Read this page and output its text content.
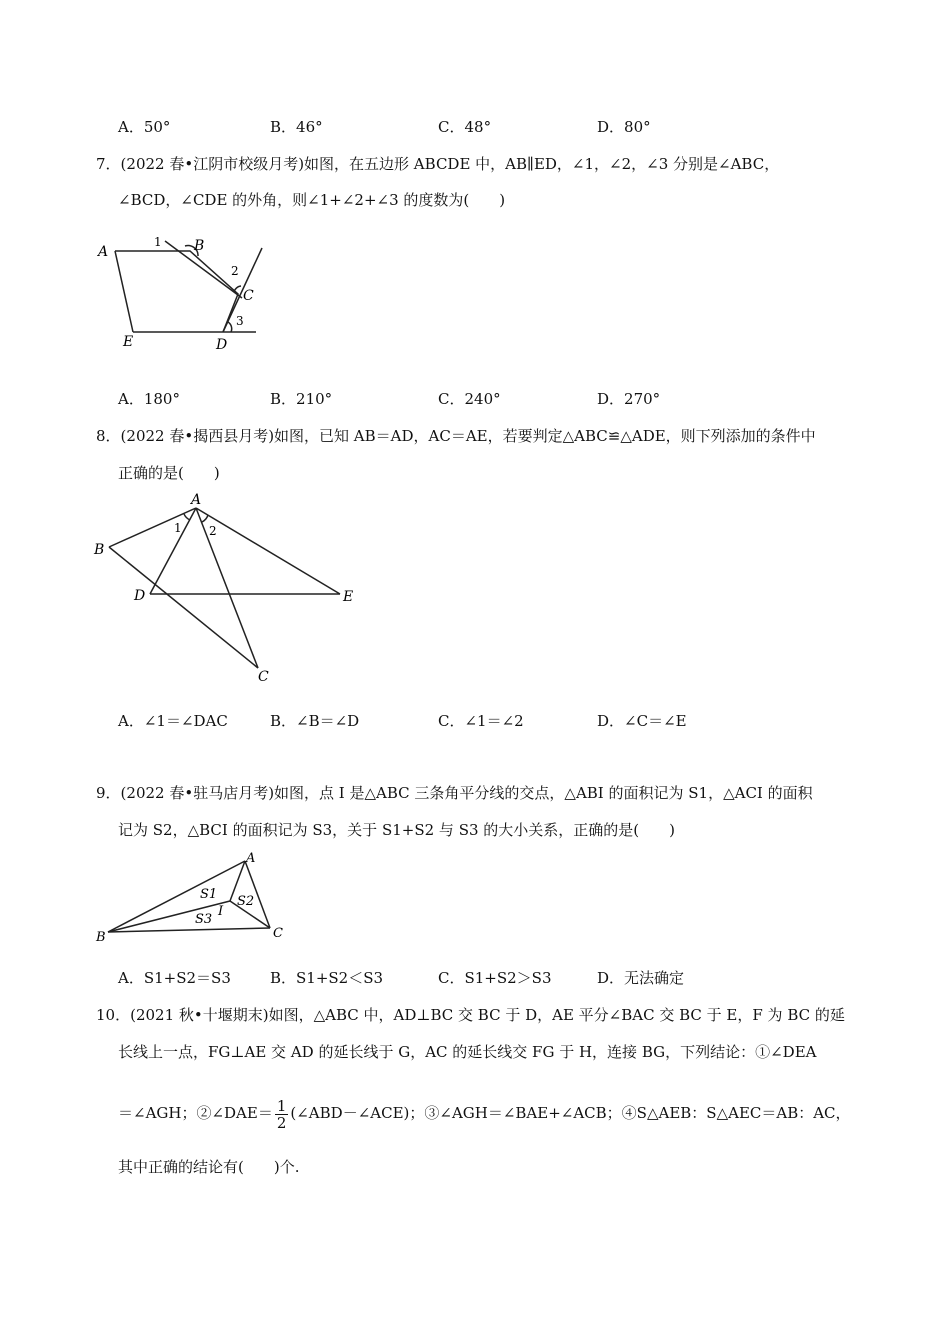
A．50°	B．46°	C．48°	D．80°
7．(2022 春•江阴市校级月考)如图，在五边形 ABCDE 中，AB∥ED，∠1，∠2，∠3 分别是∠ABC，
∠BCD，∠CDE 的外角，则∠1+∠2+∠3 的度数为(　　)
A	B
C
D
E
1
2
3
A．180°	B．210°	C．240°	D．270°
8．(2022 春•揭西县月考)如图，已知 AB＝AD，AC＝AE，若要判定△ABC≌△ADE，则下列添加的条件中
正确的是(　　)
A
B
C
D	E
1 2
A．∠1＝∠DAC	B．∠B＝∠D	C．∠1＝∠2	D．∠C＝∠E
9．(2022 春•驻马店月考)如图，点 I 是△ABC 三条角平分线的交点，△ABI 的面积记为 S1，△ACI 的面积
记为 S2，△BCI 的面积记为 S3，关于 S1+S2 与 S3 的大小关系，正确的是(　　)
A
B	C
I
S1 S2
S3
A．S1+S2＝S3	B．S1+S2＜S3	C．S1+S2＞S3	D．无法确定
10．(2021 秋•十堰期末)如图，△ABC 中，AD⊥BC 交 BC 于 D，AE 平分∠BAC 交 BC 于 E，F 为 BC 的延
长线上一点，FG⊥AE 交 AD 的延长线于 G，AC 的延长线交 FG 于 H，连接 BG，下列结论：①∠DEA
＝∠AGH；②∠DAE＝ $\frac{1}{2}$ (∠ABD－∠ACE)；③∠AGH＝∠BAE+∠ACB；④S△AEB：S△AEC＝AB：AC，
其中正确的结论有(　　)个.
